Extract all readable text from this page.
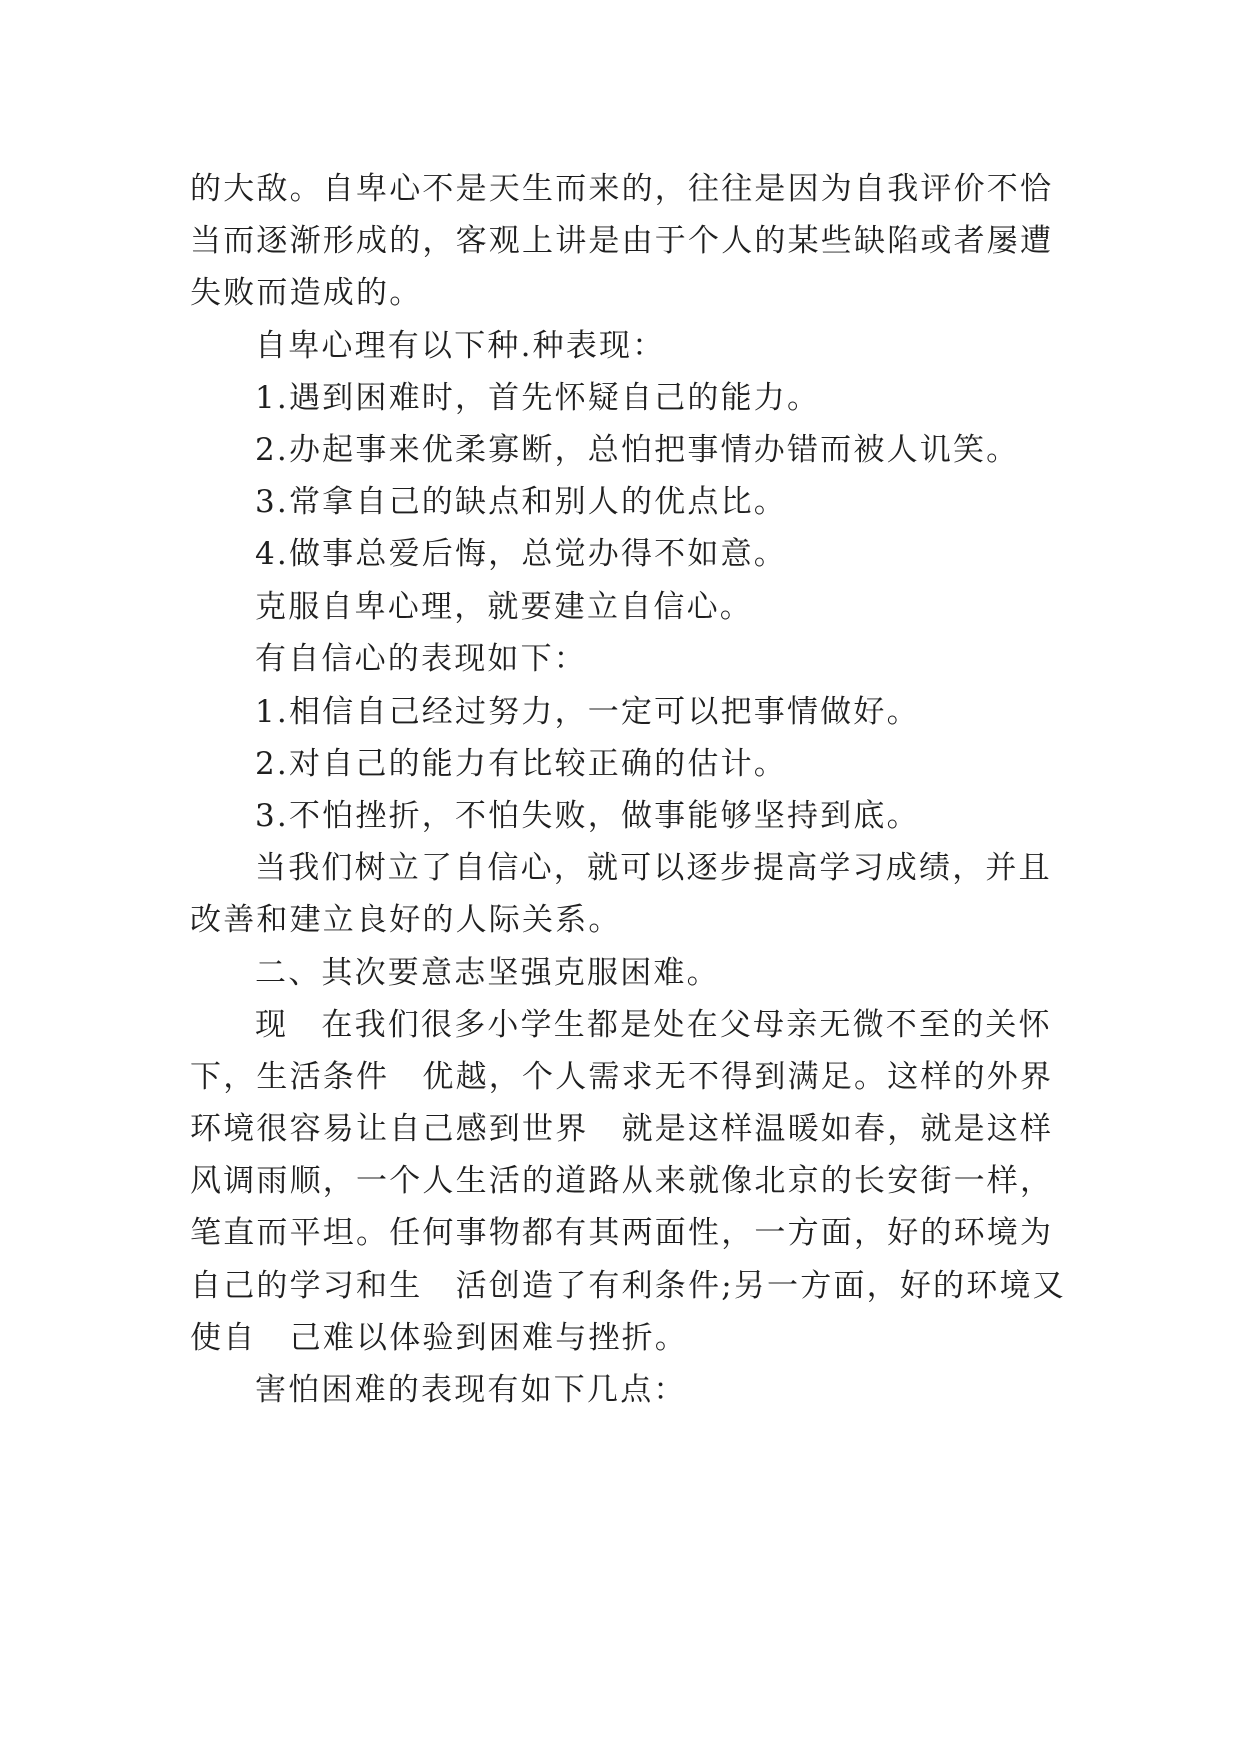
的大敌。自卑心不是天生而来的，往往是因为自我评价不恰
当而逐渐形成的，客观上讲是由于个人的某些缺陷或者屡遭
失败而造成的。
自卑心理有以下种.种表现：
1.遇到困难时，首先怀疑自己的能力。
2.办起事来优柔寡断，总怕把事情办错而被人讥笑。
3.常拿自己的缺点和别人的优点比。
4.做事总爱后悔，总觉办得不如意。
克服自卑心理，就要建立自信心。
有自信心的表现如下：
1.相信自己经过努力，一定可以把事情做好。
2.对自己的能力有比较正确的估计。
3.不怕挫折，不怕失败，做事能够坚持到底。
当我们树立了自信心，就可以逐步提高学习成绩，并且
改善和建立良好的人际关系。
二、其次要意志坚强克服困难。
现　在我们很多小学生都是处在父母亲无微不至的关怀
下，生活条件　优越，个人需求无不得到满足。这样的外界
环境很容易让自己感到世界　就是这样温暖如春，就是这样
风调雨顺，一个人生活的道路从来就像北京的长安街一样，
笔直而平坦。任何事物都有其两面性，一方面，好的环境为
自己的学习和生　活创造了有利条件;另一方面，好的环境又
使自　己难以体验到困难与挫折。
害怕困难的表现有如下几点：
